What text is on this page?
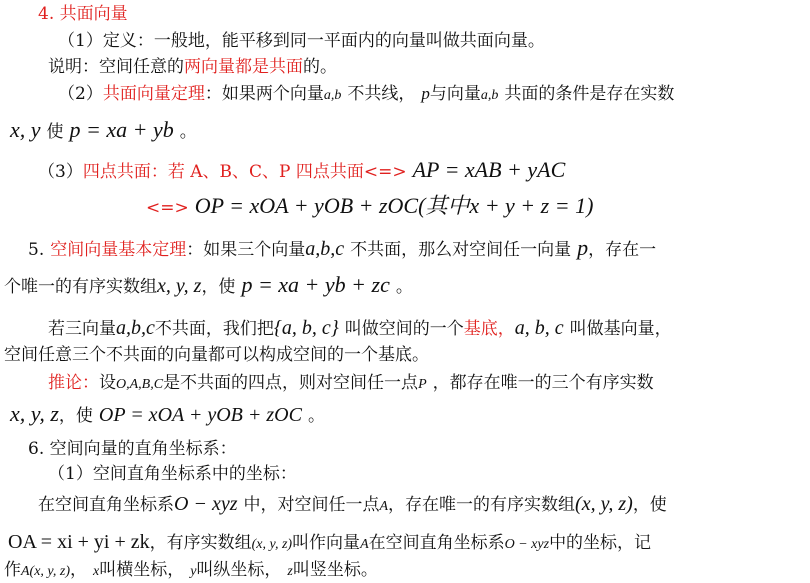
4. 共面向量
（1）定义：一般地，能平移到同一平面内的向量叫做共面向量。
说明：空间任意的两向量都是共面的。
（2）共面向量定理：如果两个向量a,b 不共线， p与向量a,b 共面的条件是存在实数
x, y 使 p = xa + yb 。
（3）四点共面：若 A、B、C、P 四点共面<=> AP = xAB + yAC
<=> OP = xOA + yOB + zOC(其中x + y + z = 1)
5. 空间向量基本定理：如果三个向量a,b,c 不共面，那么对空间任一向量 p，存在一
个唯一的有序实数组x, y, z，使 p = xa + yb + zc 。
若三向量a,b,c不共面，我们把{a, b, c} 叫做空间的一个基底，a, b, c 叫做基向量，
空间任意三个不共面的向量都可以构成空间的一个基底。
推论：设O,A,B,C是不共面的四点，则对空间任一点P ，都存在唯一的三个有序实数
x, y, z，使 OP = xOA + yOB + zOC 。
6. 空间向量的直角坐标系：
（1）空间直角坐标系中的坐标：
在空间直角坐标系O − xyz 中，对空间任一点A，存在唯一的有序实数组(x, y, z)，使
OA = xi + yi + zk，有序实数组(x, y, z)叫作向量A在空间直角坐标系O − xyz中的坐标，记
作A(x, y, z)， x叫横坐标， y叫纵坐标， z叫竖坐标。
